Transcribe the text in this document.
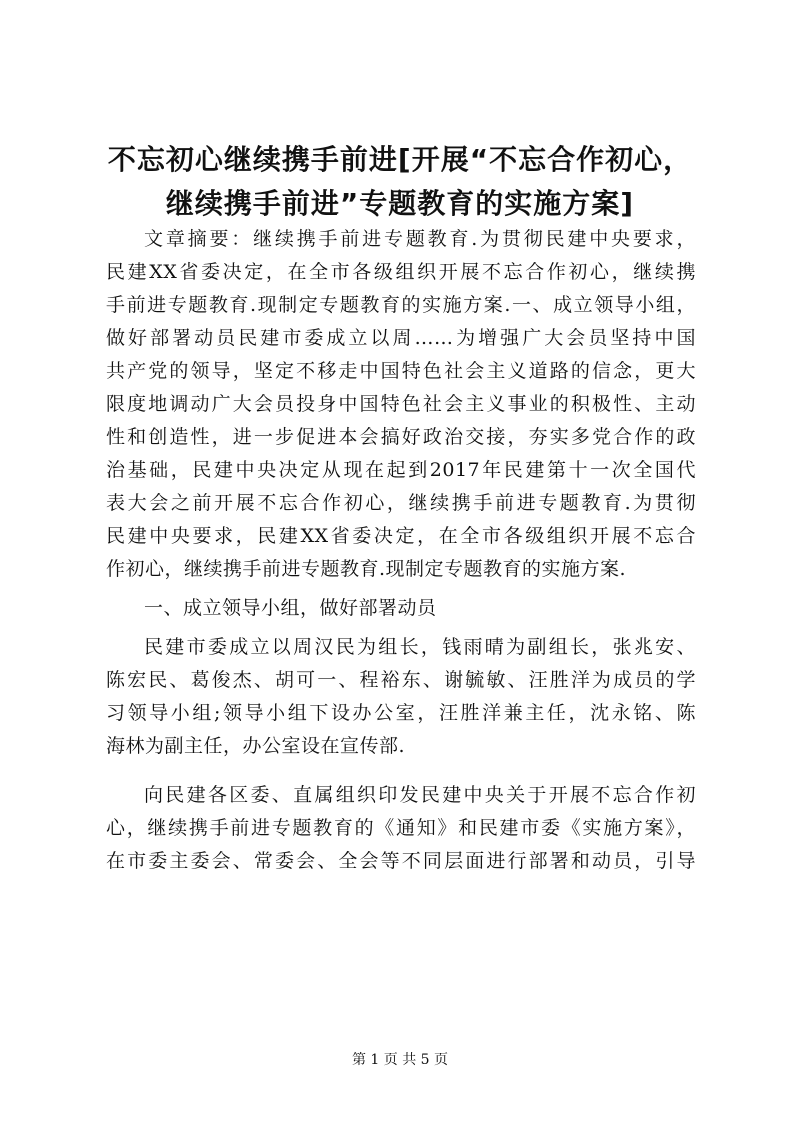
不忘初心继续携手前进[开展“不忘合作初心，
继续携手前进”专题教育的实施方案]
文章摘要：继续携手前进专题教育.为贯彻民建中央要求，
民建XX省委决定，在全市各级组织开展不忘合作初心，继续携
手前进专题教育.现制定专题教育的实施方案.一、成立领导小组，
做好部署动员民建市委成立以周……为增强广大会员坚持中国
共产党的领导，坚定不移走中国特色社会主义道路的信念，更大
限度地调动广大会员投身中国特色社会主义事业的积极性、主动
性和创造性，进一步促进本会搞好政治交接，夯实多党合作的政
治基础，民建中央决定从现在起到2017年民建第十一次全国代
表大会之前开展不忘合作初心，继续携手前进专题教育.为贯彻
民建中央要求，民建XX省委决定，在全市各级组织开展不忘合
作初心，继续携手前进专题教育.现制定专题教育的实施方案.
一、成立领导小组，做好部署动员
民建市委成立以周汉民为组长，钱雨晴为副组长，张兆安、
陈宏民、葛俊杰、胡可一、程裕东、谢毓敏、汪胜洋为成员的学
习领导小组;领导小组下设办公室，汪胜洋兼主任，沈永铭、陈
海林为副主任，办公室设在宣传部.
向民建各区委、直属组织印发民建中央关于开展不忘合作初
心，继续携手前进专题教育的《通知》和民建市委《实施方案》，
在市委主委会、常委会、全会等不同层面进行部署和动员，引导
第 1 页 共 5 页
